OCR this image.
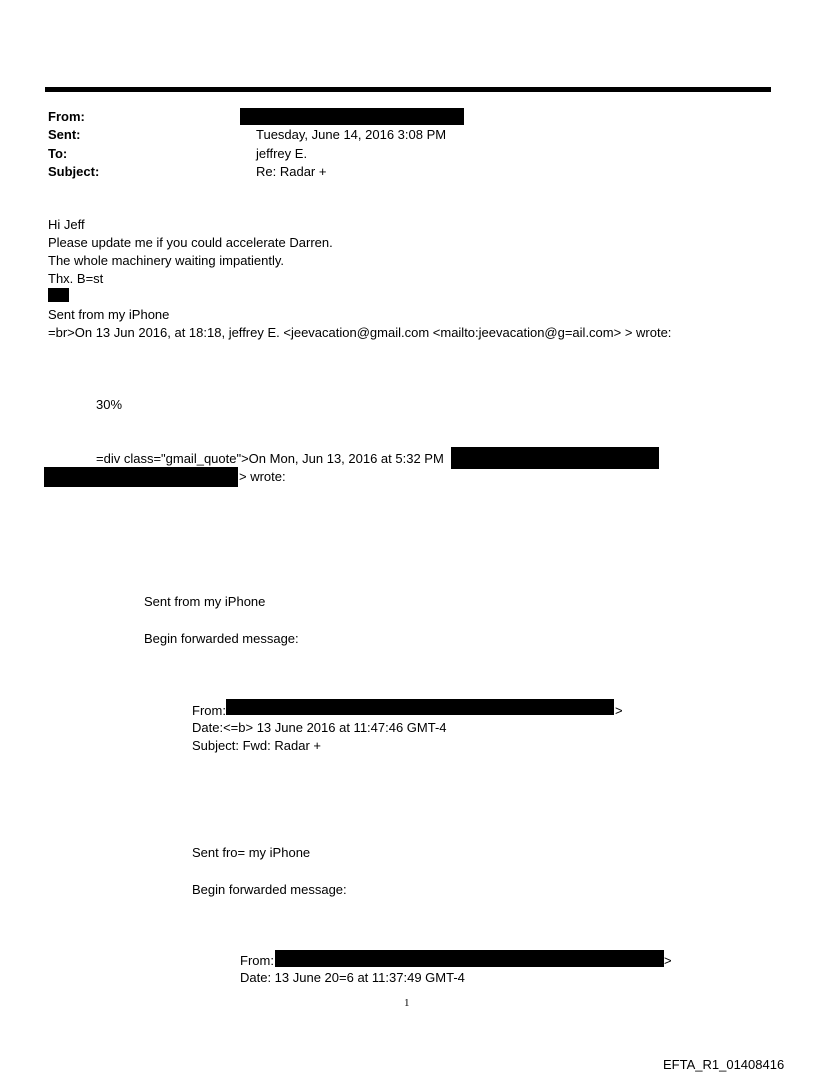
From:
Sent:	Tuesday, June 14, 2016 3:08 PM
To:	jeffrey E.
Subject:	Re: Radar +
Hi Jeff
Please update me if you could accelerate Darren.
The whole machinery waiting impatiently.
Thx. B=st
Sent from my iPhone
=br>On 13 Jun 2016, at 18:18, jeffrey E. <jeevacation@gmail.com <mailto:jeevacation@g=ail.com> > wrote:
30%
=div class="gmail_quote">On Mon, Jun 13, 2016 at 5:32 PM
> wrote:
Sent from my iPhone
Begin forwarded message:
From:	>
Date:<=b> 13 June 2016 at 11:47:46 GMT-4
Subject: Fwd: Radar +
Sent fro= my iPhone
Begin forwarded message:
From:	>
Date: 13 June 20=6 at 11:37:49 GMT-4
1
EFTA_R1_01408416
